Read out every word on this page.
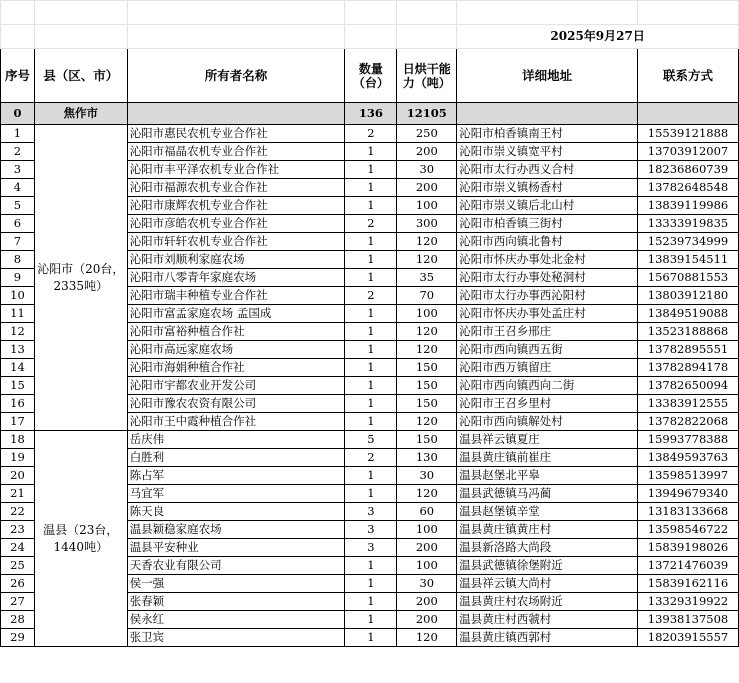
					2025年9月27日	
序号	县（区、市）	所有者名称	数量（台）	日烘干能力（吨）	详细地址	联系方式
0	焦作市		136	12105		
1	沁阳市（20台，2335吨）	沁阳市惠民农机专业合作社	2	250	沁阳市柏香镇南王村	15539121888
2		沁阳市福晶农机专业合作社	1	200	沁阳市崇义镇宽平村	13703912007
3		沁阳市丰平泽农机专业合作社	1	30	沁阳市太行办西义合村	18236860739
4		沁阳市福源农机专业合作社	1	200	沁阳市崇义镇杨香村	13782648548
5		沁阳市康辉农机专业合作社	1	100	沁阳市崇义镇后北山村	13839119986
6		沁阳市彦皓农机专业合作社	2	300	沁阳市柏香镇三街村	13333919835
7		沁阳市轩轩农机专业合作社	1	120	沁阳市西向镇北鲁村	15239734999
8		沁阳市刘顺利家庭农场	1	120	沁阳市怀庆办事处北金村	13839154511
9		沁阳市八零青年家庭农场	1	35	沁阳市太行办事处秘洞村	15670881553
10		沁阳市瑞丰种植专业合作社	2	70	沁阳市太行办事西沁阳村	13803912180
11		沁阳市富孟家庭农场 孟国成	1	100	沁阳市怀庆办事处孟庄村	13849519088
12		沁阳市富裕种植合作社	1	120	沁阳市王召乡邢庄	13523188868
13		沁阳市高远家庭农场	1	120	沁阳市西向镇西五街	13782895551
14		沁阳市海娟种植合作社	1	150	沁阳市西万镇留庄	13782894178
15		沁阳市宇都农业开发公司	1	150	沁阳市西向镇西向二街	13782650094
16		沁阳市豫农农资有限公司	1	150	沁阳市王召乡里村	13383912555
17		沁阳市王中霞种植合作社	1	120	沁阳市西向镇解处村	13782822068
18	温县（23台，1440吨）	岳庆伟	5	150	温县祥云镇夏庄	15993778388
19		白胜利	2	130	温县黄庄镇前崔庄	13849593763
20		陈占军	1	30	温县赵堡北平皋	13598513997
21		马宜军	1	120	温县武德镇马冯蔺	13949679340
22		陈天良	3	60	温县赵堡镇辛堂	13183133668
23		温县颖稳家庭农场	3	100	温县黄庄镇黄庄村	13598546722
24		温县平安种业	3	200	温县新洛路大尚段	15839198026
25		天香农业有限公司	1	100	温县武德镇徐堡附近	13721476039
26		侯一强	1	30	温县祥云镇大尚村	15839162116
27		张春颖	1	200	温县黄庄村农场附近	13329319922
28		侯永红	1	200	温县黄庄村西虢村	13938137508
29		张卫宾	1	120	温县黄庄镇西郭村	18203915557
